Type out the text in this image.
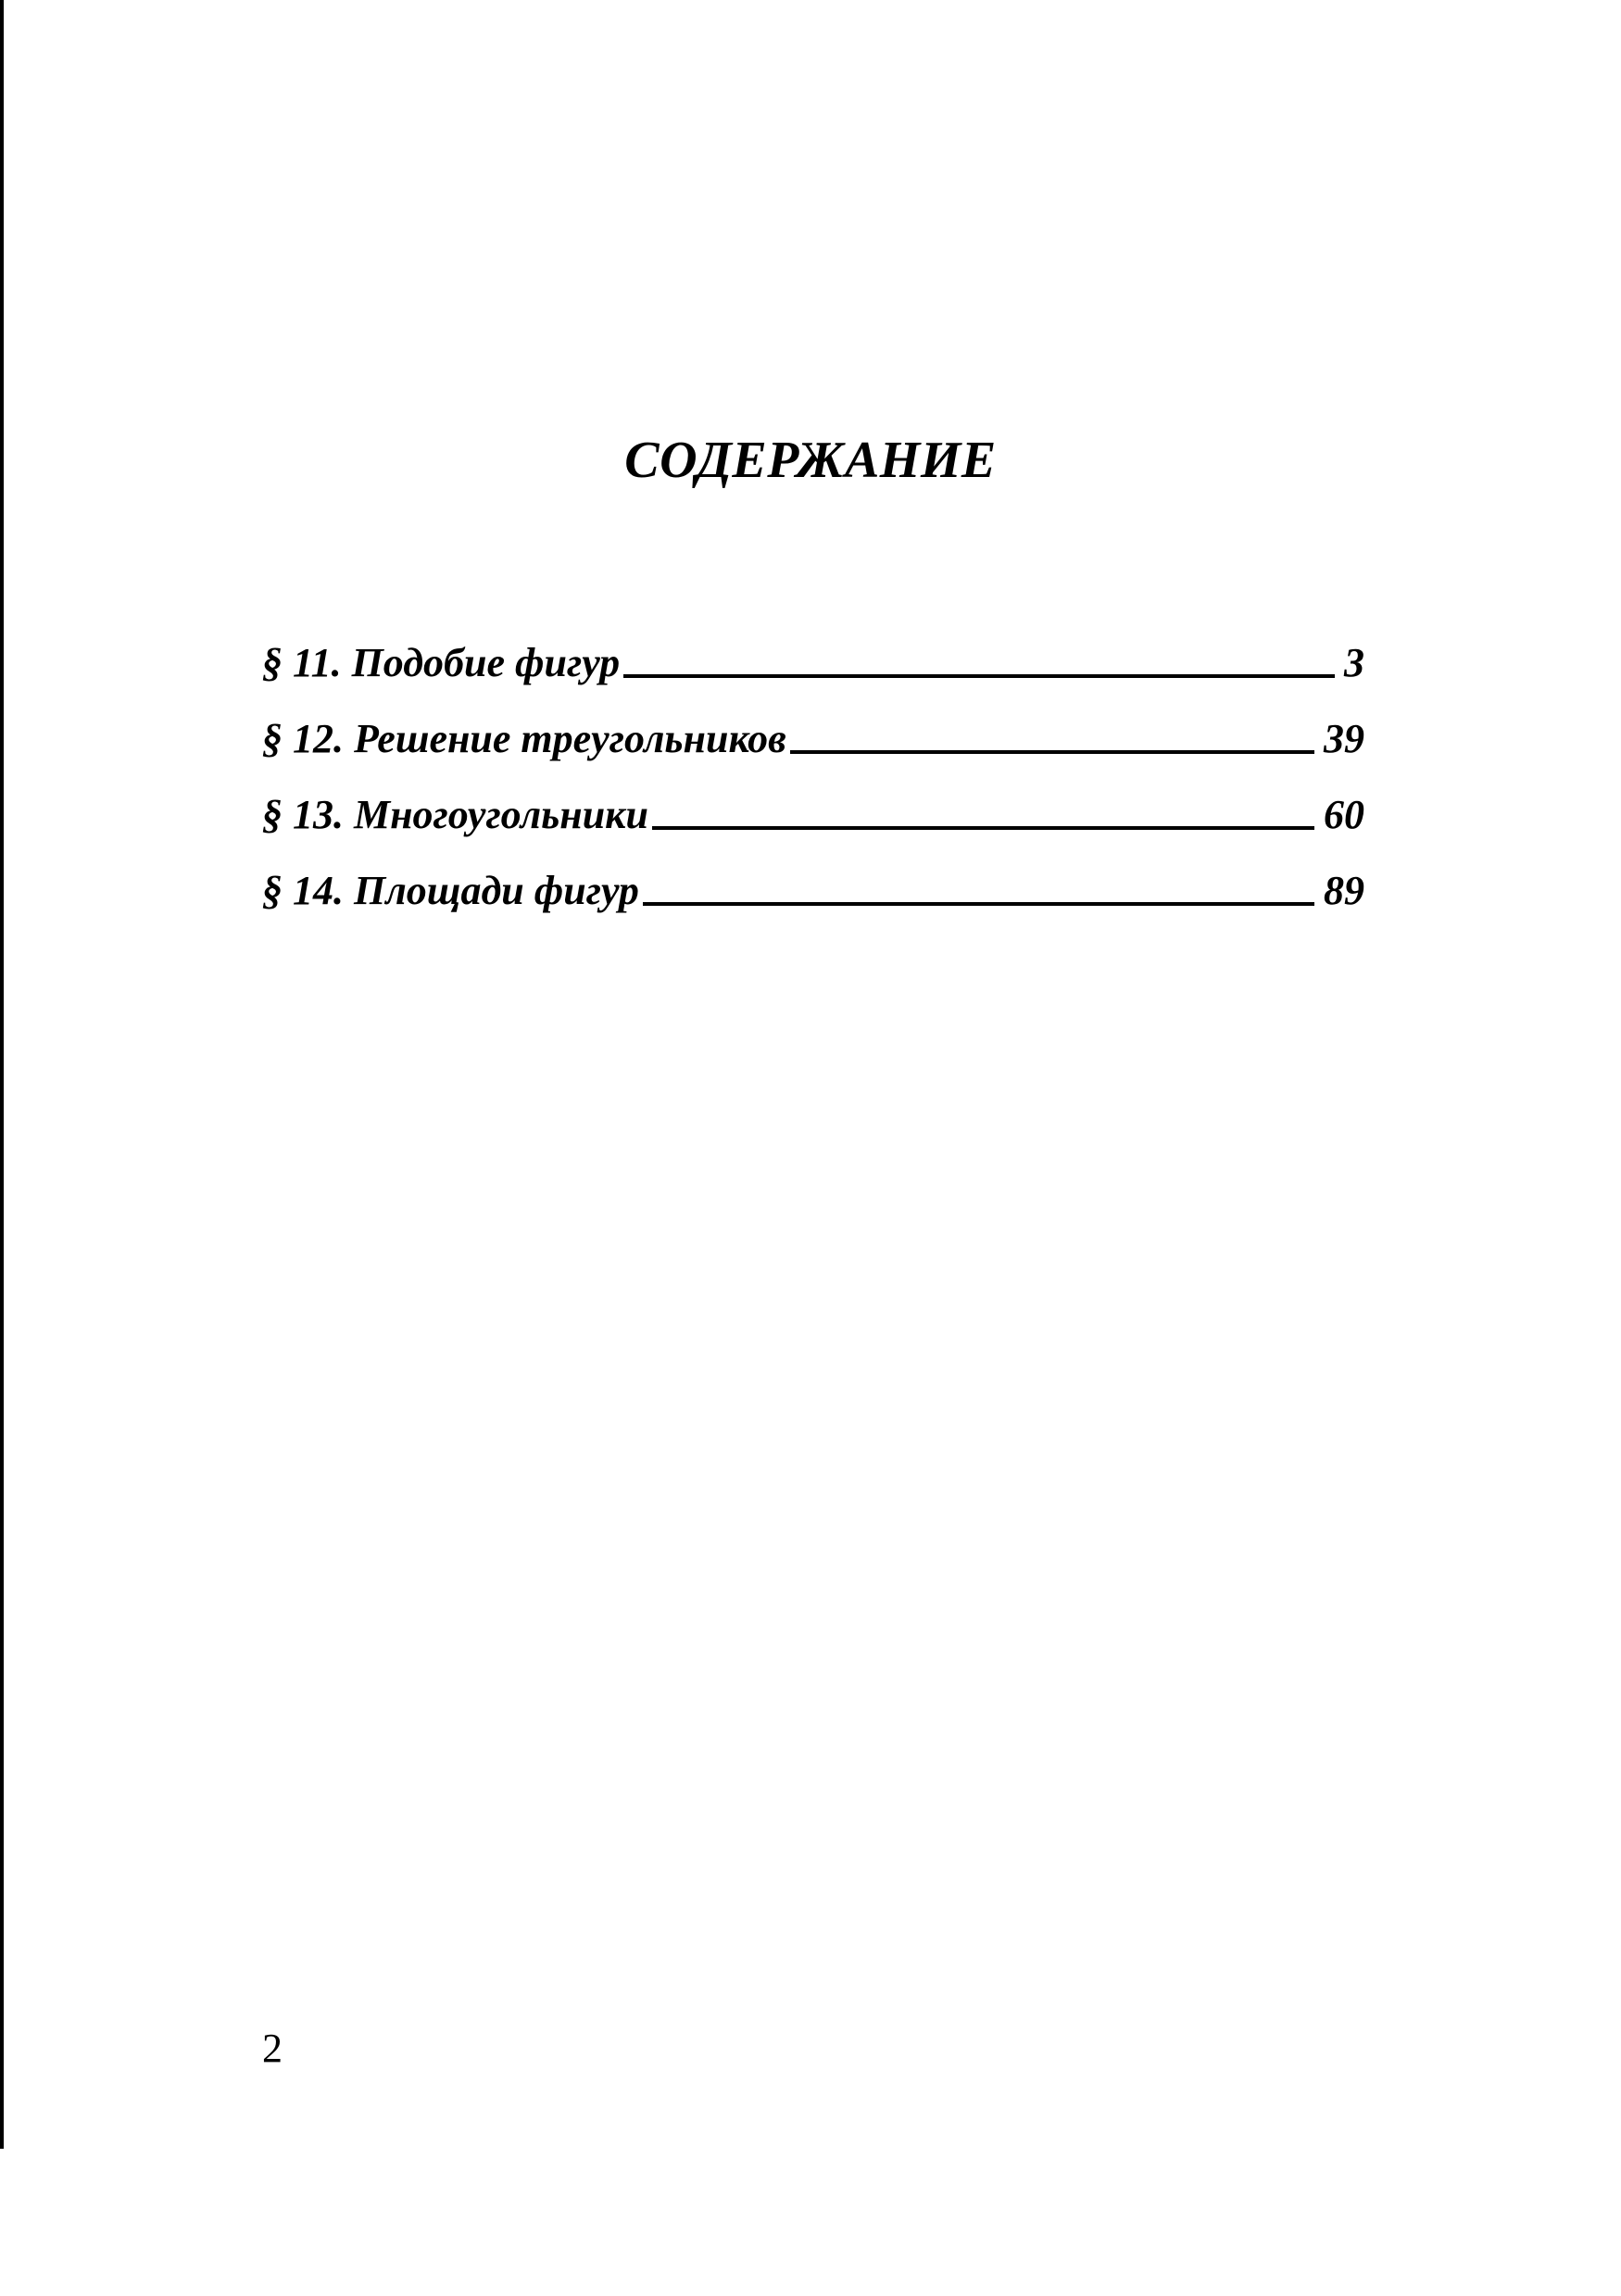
СОДЕРЖАНИЕ
§ 11. Подобие фигур	3
§ 12. Решение треугольников	39
§ 13. Многоугольники	60
§ 14. Площади фигур	89
2
